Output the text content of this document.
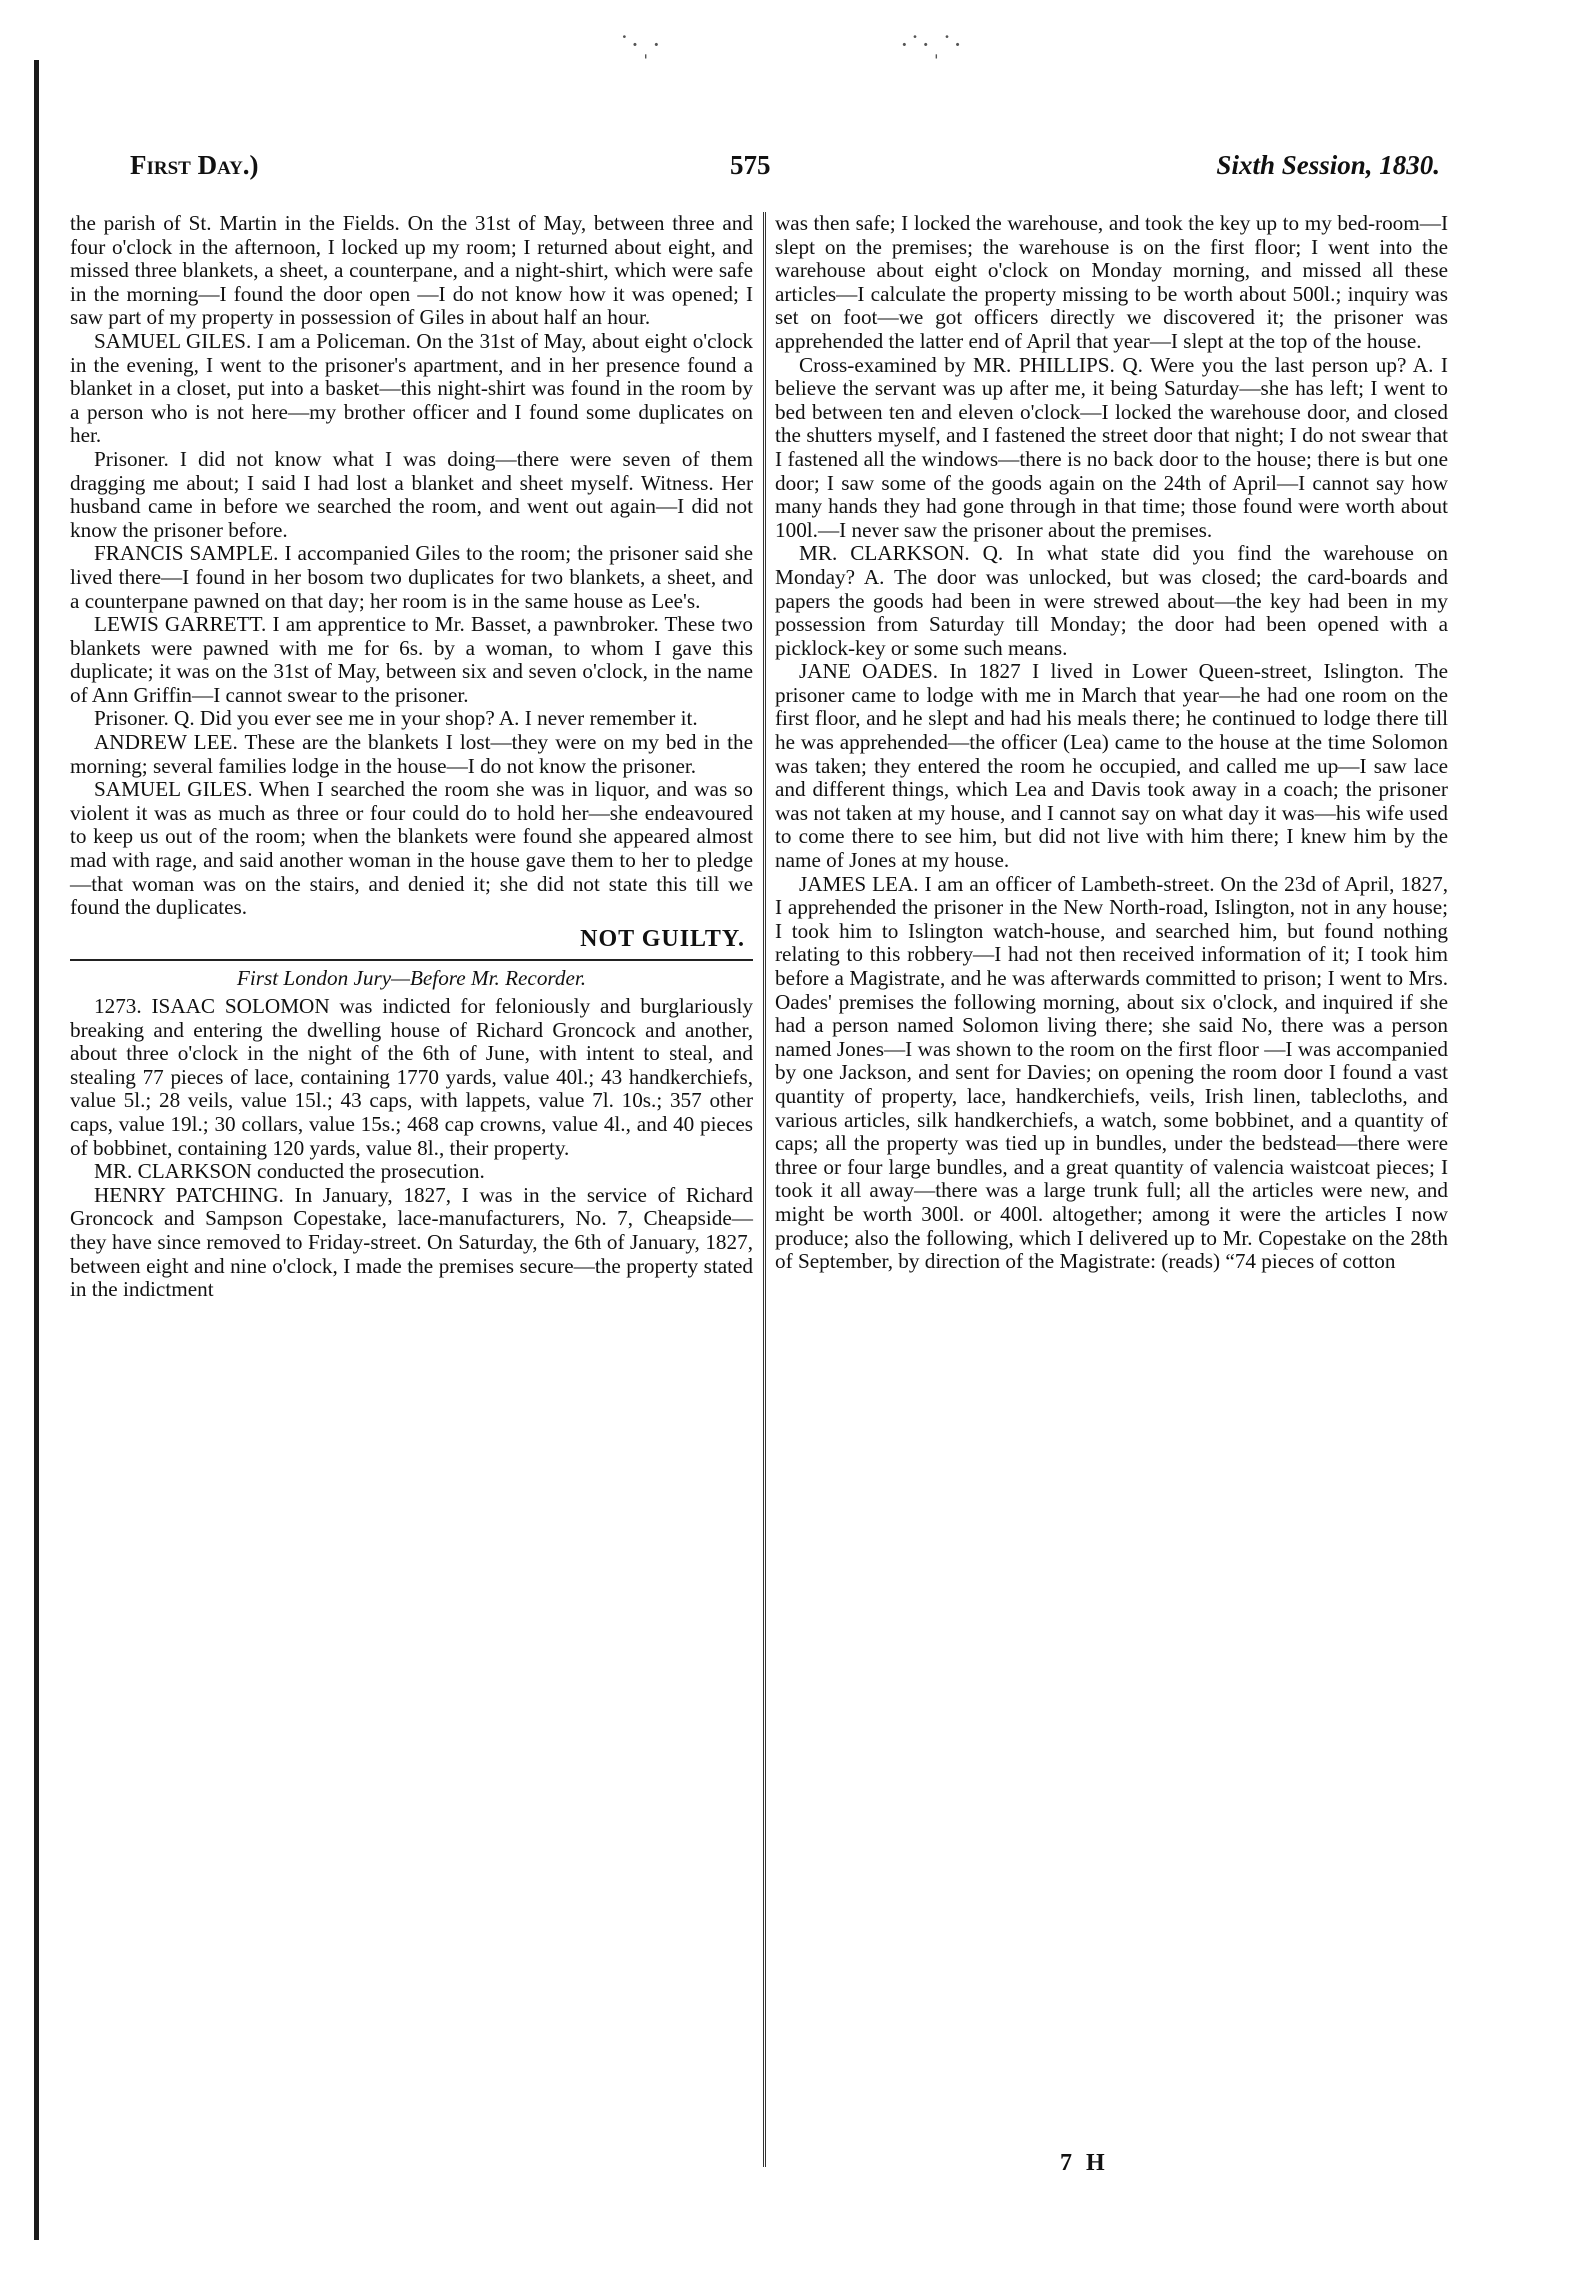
˙·ˌ·	·˙·ˌ˙·
First Day.)	575	Sixth Session, 1830.

the parish of St. Martin in the Fields. On the 31st of May, between three and four o'clock in the afternoon, I locked up my room; I returned about eight, and missed three blankets, a sheet, a counterpane, and a night-shirt, which were safe in the morning—I found the door open —I do not know how it was opened; I saw part of my property in possession of Giles in about half an hour.

SAMUEL GILES. I am a Policeman. On the 31st of May, about eight o'clock in the evening, I went to the prisoner's apartment, and in her presence found a blanket in a closet, put into a basket—this night-shirt was found in the room by a person who is not here—my brother officer and I found some duplicates on her.

Prisoner. I did not know what I was doing—there were seven of them dragging me about; I said I had lost a blanket and sheet myself. Witness. Her husband came in before we searched the room, and went out again—I did not know the prisoner before.

FRANCIS SAMPLE. I accompanied Giles to the room; the prisoner said she lived there—I found in her bosom two duplicates for two blankets, a sheet, and a counterpane pawned on that day; her room is in the same house as Lee's.

LEWIS GARRETT. I am apprentice to Mr. Basset, a pawnbroker. These two blankets were pawned with me for 6s. by a woman, to whom I gave this duplicate; it was on the 31st of May, between six and seven o'clock, in the name of Ann Griffin—I cannot swear to the prisoner.

Prisoner. Q. Did you ever see me in your shop? A. I never remember it.

ANDREW LEE. These are the blankets I lost—they were on my bed in the morning; several families lodge in the house—I do not know the prisoner.

SAMUEL GILES. When I searched the room she was in liquor, and was so violent it was as much as three or four could do to hold her—she endeavoured to keep us out of the room; when the blankets were found she appeared almost mad with rage, and said another woman in the house gave them to her to pledge—that woman was on the stairs, and denied it; she did not state this till we found the duplicates.

NOT GUILTY.
First London Jury—Before Mr. Recorder.

1273. ISAAC SOLOMON was indicted for feloniously and burglariously breaking and entering the dwelling house of Richard Groncock and another, about three o'clock in the night of the 6th of June, with intent to steal, and stealing 77 pieces of lace, containing 1770 yards, value 40l.; 43 handkerchiefs, value 5l.; 28 veils, value 15l.; 43 caps, with lappets, value 7l. 10s.; 357 other caps, value 19l.; 30 collars, value 15s.; 468 cap crowns, value 4l., and 40 pieces of bobbinet, containing 120 yards, value 8l., their property.

MR. CLARKSON conducted the prosecution.

HENRY PATCHING. In January, 1827, I was in the service of Richard Groncock and Sampson Copestake, lace-manufacturers, No. 7, Cheapside—they have since removed to Friday-street. On Saturday, the 6th of January, 1827, between eight and nine o'clock, I made the premises secure—the property stated in the indictment

was then safe; I locked the warehouse, and took the key up to my bed-room—I slept on the premises; the warehouse is on the first floor; I went into the warehouse about eight o'clock on Monday morning, and missed all these articles—I calculate the property missing to be worth about 500l.; inquiry was set on foot—we got officers directly we discovered it; the prisoner was apprehended the latter end of April that year—I slept at the top of the house.

Cross-examined by MR. PHILLIPS. Q. Were you the last person up? A. I believe the servant was up after me, it being Saturday—she has left; I went to bed between ten and eleven o'clock—I locked the warehouse door, and closed the shutters myself, and I fastened the street door that night; I do not swear that I fastened all the windows—there is no back door to the house; there is but one door; I saw some of the goods again on the 24th of April—I cannot say how many hands they had gone through in that time; those found were worth about 100l.—I never saw the prisoner about the premises.

MR. CLARKSON. Q. In what state did you find the warehouse on Monday? A. The door was unlocked, but was closed; the card-boards and papers the goods had been in were strewed about—the key had been in my possession from Saturday till Monday; the door had been opened with a picklock-key or some such means.

JANE OADES. In 1827 I lived in Lower Queen-street, Islington. The prisoner came to lodge with me in March that year—he had one room on the first floor, and he slept and had his meals there; he continued to lodge there till he was apprehended—the officer (Lea) came to the house at the time Solomon was taken; they entered the room he occupied, and called me up—I saw lace and different things, which Lea and Davis took away in a coach; the prisoner was not taken at my house, and I cannot say on what day it was—his wife used to come there to see him, but did not live with him there; I knew him by the name of Jones at my house.

JAMES LEA. I am an officer of Lambeth-street. On the 23d of April, 1827, I apprehended the prisoner in the New North-road, Islington, not in any house; I took him to Islington watch-house, and searched him, but found nothing relating to this robbery—I had not then received information of it; I took him before a Magistrate, and he was afterwards committed to prison; I went to Mrs. Oades' premises the following morning, about six o'clock, and inquired if she had a person named Solomon living there; she said No, there was a person named Jones—I was shown to the room on the first floor —I was accompanied by one Jackson, and sent for Davies; on opening the room door I found a vast quantity of property, lace, handkerchiefs, veils, Irish linen, tablecloths, and various articles, silk handkerchiefs, a watch, some bobbinet, and a quantity of caps; all the property was tied up in bundles, under the bedstead—there were three or four large bundles, and a great quantity of valencia waistcoat pieces; I took it all away—there was a large trunk full; all the articles were new, and might be worth 300l. or 400l. altogether; among it were the articles I now produce; also the following, which I delivered up to Mr. Copestake on the 28th of September, by direction of the Magistrate: (reads) “74 pieces of cotton

7 H
